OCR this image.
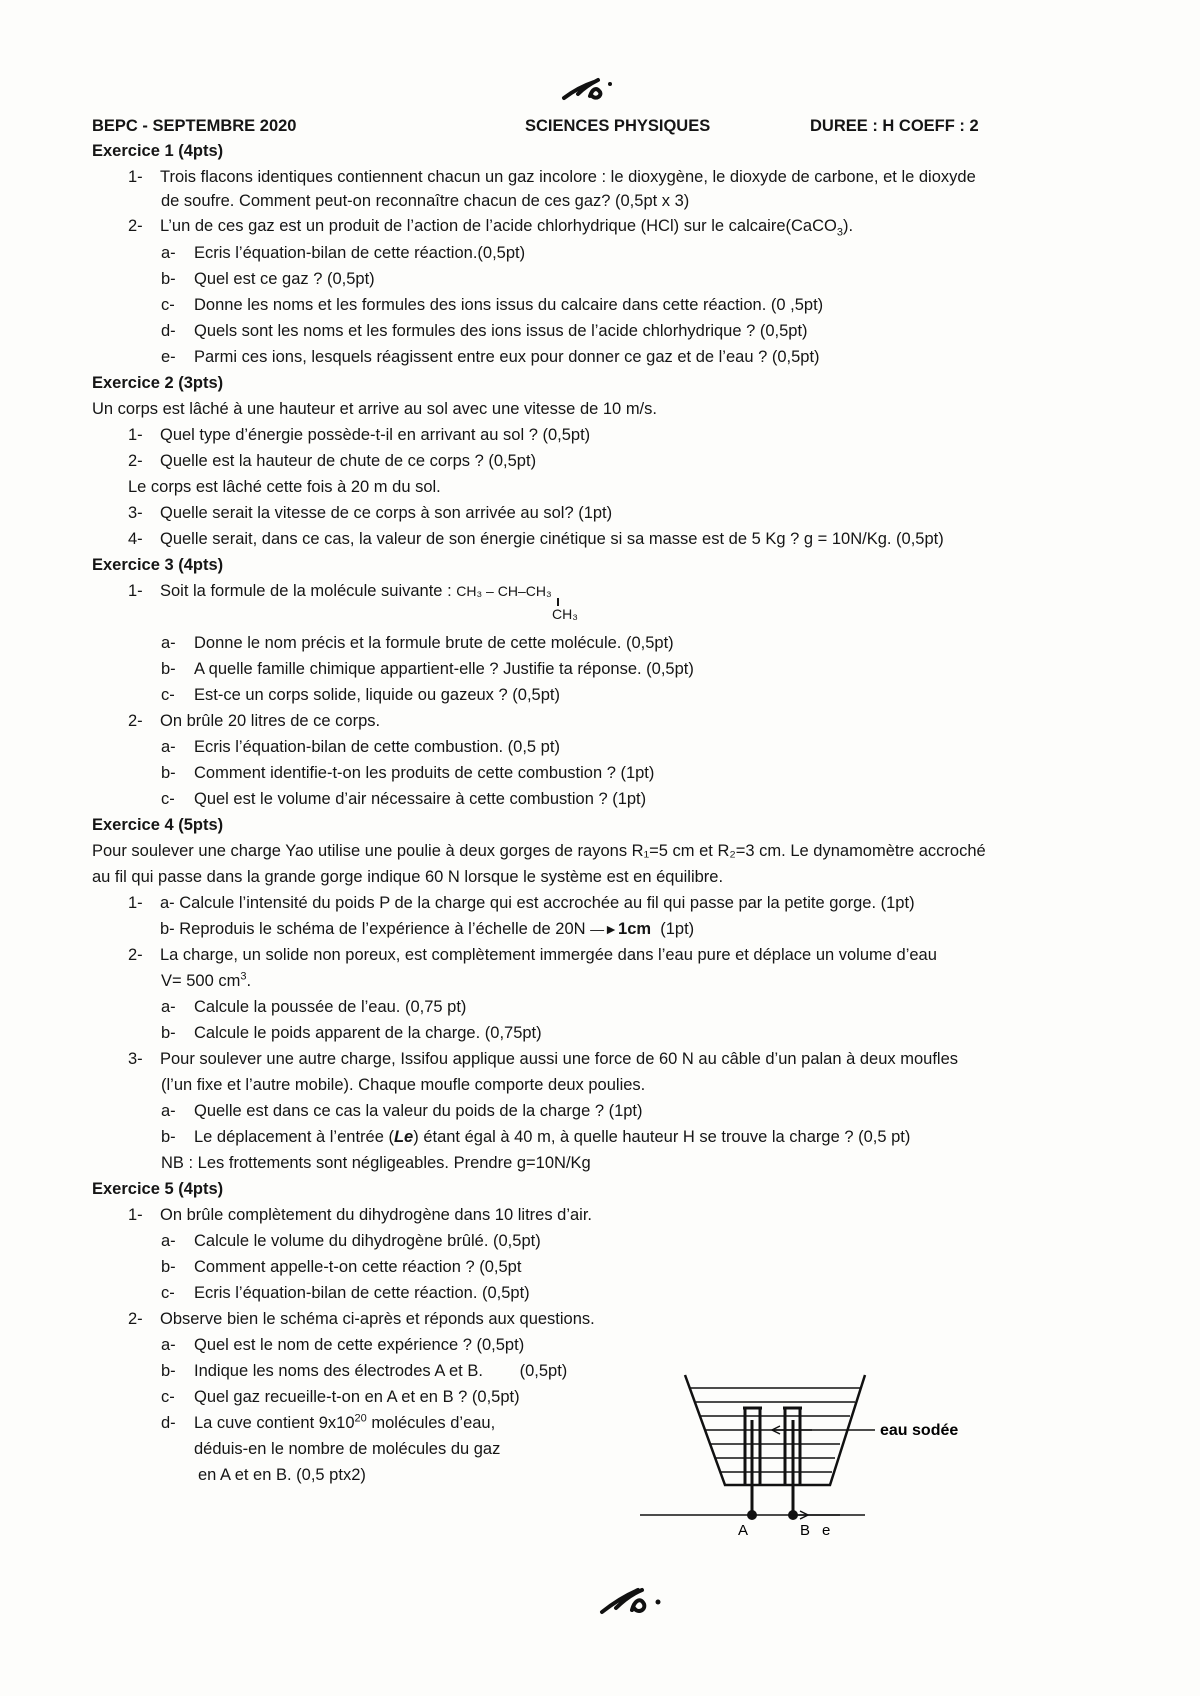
BEPC - SEPTEMBRE 2020	SCIENCES PHYSIQUES	DUREE : H COEFF : 2
Exercice 1 (4pts)
1- Trois flacons identiques contiennent chacun un gaz incolore : le dioxygène, le dioxyde de carbone, et le dioxyde
de soufre. Comment peut-on reconnaître chacun de ces gaz? (0,5pt x 3)
2- L’un de ces gaz est un produit de l’action de l’acide chlorhydrique (HCl) sur le calcaire(CaCO$_3$).
a- Ecris l’équation-bilan de cette réaction.(0,5pt)
b- Quel est ce gaz ? (0,5pt)
c- Donne les noms et les formules des ions issus du calcaire dans cette réaction. (0 ,5pt)
d- Quels sont les noms et les formules des ions issus de l’acide chlorhydrique ? (0,5pt)
e- Parmi ces ions, lesquels réagissent entre eux pour donner ce gaz et de l’eau ? (0,5pt)
Exercice 2 (3pts)
Un corps est lâché à une hauteur et arrive au sol avec une vitesse de 10 m/s.
1- Quel type d’énergie possède-t-il en arrivant au sol ? (0,5pt)
2- Quelle est la hauteur de chute de ce corps ? (0,5pt)
Le corps est lâché cette fois à 20 m du sol.
3- Quelle serait la vitesse de ce corps à son arrivée au sol? (1pt)
4- Quelle serait, dans ce cas, la valeur de son énergie cinétique si sa masse est de 5 Kg ? g = 10N/Kg. (0,5pt)
Exercice 3 (4pts)
1- Soit la formule de la molécule suivante : CH₃ – CH–CH₃
CH₃
a- Donne le nom précis et la formule brute de cette molécule. (0,5pt)
b- A quelle famille chimique appartient-elle ? Justifie ta réponse. (0,5pt)
c- Est-ce un corps solide, liquide ou gazeux ? (0,5pt)
2- On brûle 20 litres de ce corps.
a- Ecris l’équation-bilan de cette combustion. (0,5 pt)
b- Comment identifie-t-on les produits de cette combustion ? (1pt)
c- Quel est le volume d’air nécessaire à cette combustion ? (1pt)
Exercice 4 (5pts)
Pour soulever une charge Yao utilise une poulie à deux gorges de rayons R₁=5 cm et R₂=3 cm. Le dynamomètre accroché
au fil qui passe dans la grande gorge indique 60 N lorsque le système est en équilibre.
1- a- Calcule l’intensité du poids P de la charge qui est accrochée au fil qui passe par la petite gorge. (1pt)
b- Reproduis le schéma de l’expérience à l’échelle de 20N —►1cm (1pt)
2- La charge, un solide non poreux, est complètement immergée dans l’eau pure et déplace un volume d’eau
V= 500 $cm^3$.
a- Calcule la poussée de l’eau. (0,75 pt)
b- Calcule le poids apparent de la charge. (0,75pt)
3- Pour soulever une autre charge, Issifou applique aussi une force de 60 N au câble d’un palan à deux moufles
(l’un fixe et l’autre mobile). Chaque moufle comporte deux poulies.
a- Quelle est dans ce cas la valeur du poids de la charge ? (1pt)
b- Le déplacement à l’entrée (Le) étant égal à 40 m, à quelle hauteur H se trouve la charge ? (0,5 pt)
NB : Les frottements sont négligeables. Prendre g=10N/Kg
Exercice 5 (4pts)
1- On brûle complètement du dihydrogène dans 10 litres d’air.
a- Calcule le volume du dihydrogène brûlé. (0,5pt)
b- Comment appelle-t-on cette réaction ? (0,5pt
c- Ecris l’équation-bilan de cette réaction. (0,5pt)
2- Observe bien le schéma ci-après et réponds aux questions.
a- Quel est le nom de cette expérience ? (0,5pt)
b- Indique les noms des électrodes A et B.        (0,5pt)
c- Quel gaz recueille-t-on en A et en B ? (0,5pt)
d- La cuve contient $9x10^{20}$ molécules d’eau,
déduis-en le nombre de molécules du gaz
en A et en B. (0,5 ptx2)
eau sodée
A	B e
